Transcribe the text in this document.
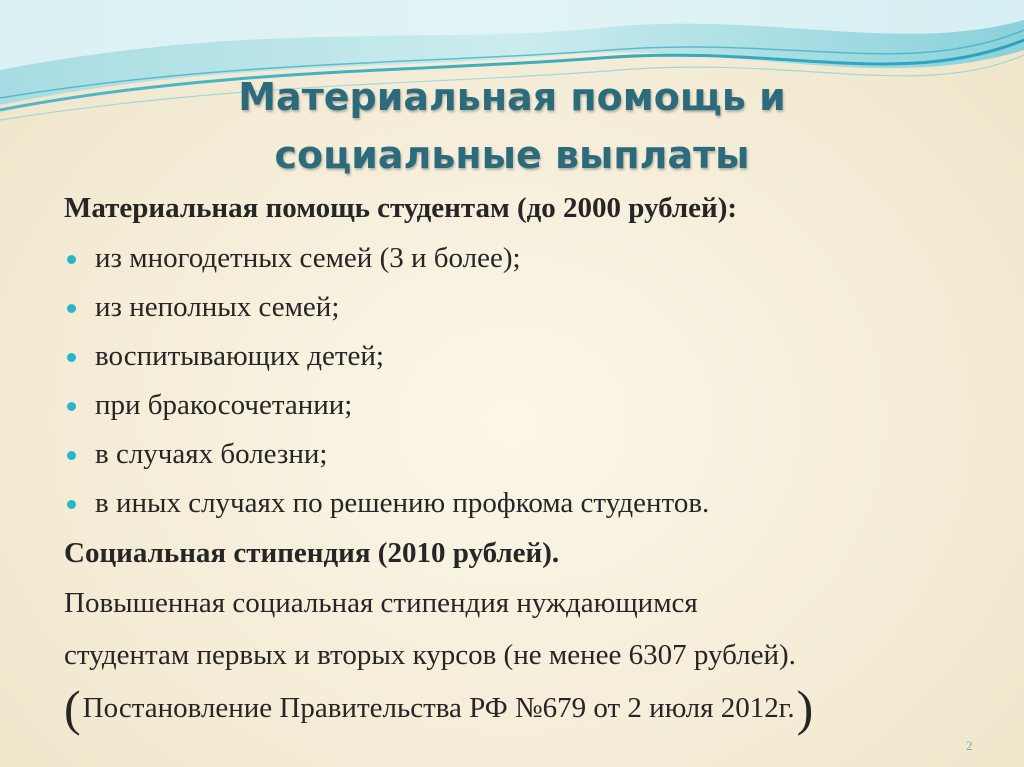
Материальная помощь и
социальные выплаты

Материальная помощь студентам (до 2000 рублей):

из многодетных семей (3 и более);
из неполных семей;
воспитывающих детей;
при бракосочетании;
в случаях болезни;
в иных случаях по решению профкома студентов.

Социальная стипендия (2010 рублей).

Повышенная социальная стипендия нуждающимся

студентам первых и вторых курсов (не менее 6307 рублей).

( Постановление Правительства РФ №679 от 2 июля 2012г. )

2
